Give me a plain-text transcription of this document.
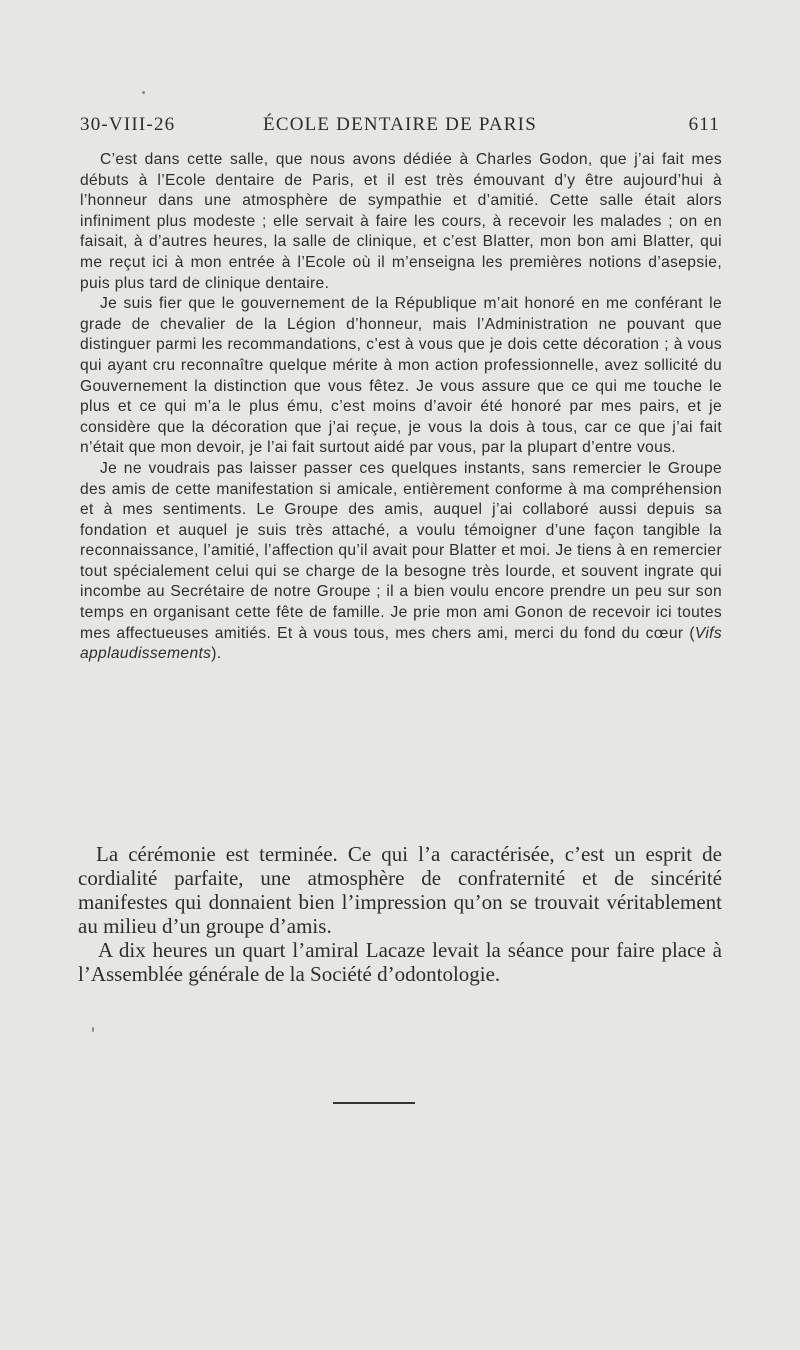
30-VIII-26	ÉCOLE DENTAIRE DE PARIS	611

C’est dans cette salle, que nous avons dédiée à Charles Godon, que j’ai fait mes débuts à l’Ecole dentaire de Paris, et il est très émouvant d’y être aujourd’hui à l’honneur dans une atmosphère de sympathie et d’amitié. Cette salle était alors infiniment plus modeste ; elle servait à faire les cours, à recevoir les malades ; on en faisait, à d’autres heures, la salle de clinique, et c’est Blatter, mon bon ami Blatter, qui me reçut ici à mon entrée à l’Ecole où il m’enseigna les premières notions d’asepsie, puis plus tard de clinique dentaire.

Je suis fier que le gouvernement de la République m’ait honoré en me conférant le grade de chevalier de la Légion d’honneur, mais l’Administration ne pouvant que distinguer parmi les recommandations, c’est à vous que je dois cette décoration ; à vous qui ayant cru reconnaître quelque mérite à mon action professionnelle, avez sollicité du Gouvernement la distinction que vous fêtez. Je vous assure que ce qui me touche le plus et ce qui m’a le plus ému, c’est moins d’avoir été honoré par mes pairs, et je considère que la décoration que j’ai reçue, je vous la dois à tous, car ce que j’ai fait n’était que mon devoir, je l’ai fait surtout aidé par vous, par la plupart d’entre vous.

Je ne voudrais pas laisser passer ces quelques instants, sans remercier le Groupe des amis de cette manifestation si amicale, entièrement conforme à ma compréhension et à mes sentiments. Le Groupe des amis, auquel j’ai collaboré aussi depuis sa fondation et auquel je suis très attaché, a voulu témoigner d’une façon tangible la reconnaissance, l’amitié, l’affection qu’il avait pour Blatter et moi. Je tiens à en remercier tout spécialement celui qui se charge de la besogne très lourde, et souvent ingrate qui incombe au Secrétaire de notre Groupe ; il a bien voulu encore prendre un peu sur son temps en organisant cette fête de famille. Je prie mon ami Gonon de recevoir ici toutes mes affectueuses amitiés. Et à vous tous, mes chers ami, merci du fond du cœur (Vifs applaudissements).

La cérémonie est terminée. Ce qui l’a caractérisée, c’est un esprit de cordialité parfaite, une atmosphère de confraternité et de sincérité manifestes qui donnaient bien l’impression qu’on se trouvait véritablement au milieu d’un groupe d’amis.

A dix heures un quart l’amiral Lacaze levait la séance pour faire place à l’Assemblée générale de la Société d’odontologie.
